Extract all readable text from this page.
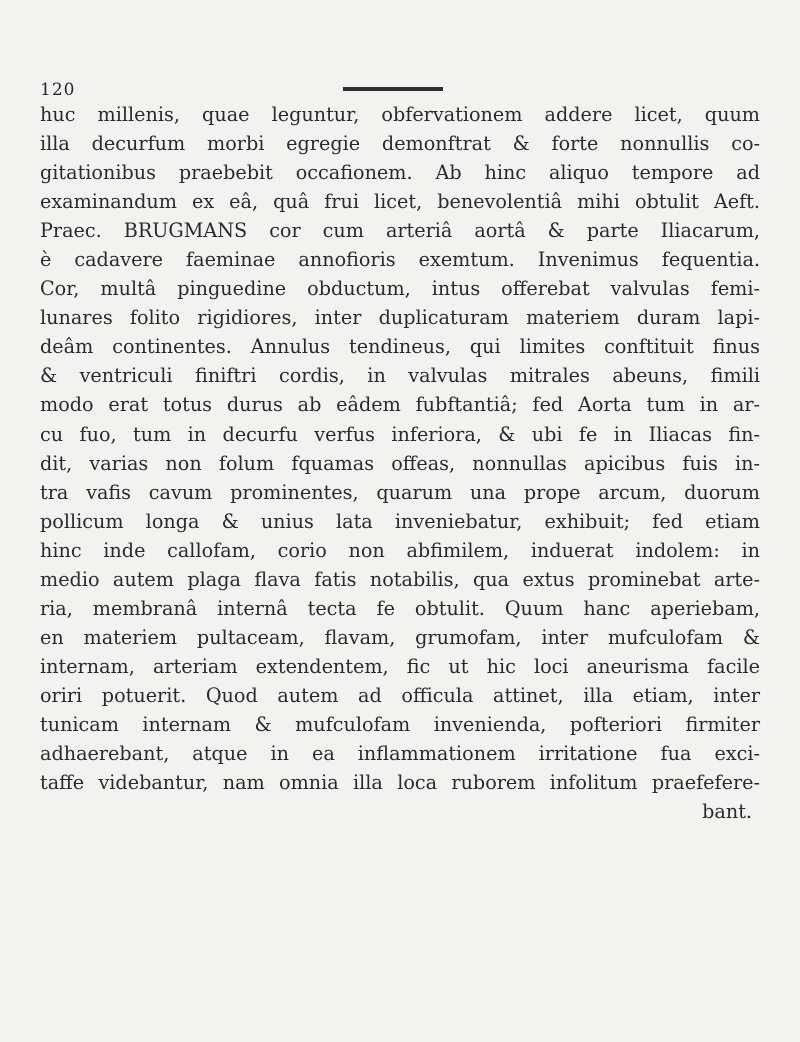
120
huc millenis, quae leguntur, obfervationem addere licet, quum
illa decurfum morbi egregie demonftrat & forte nonnullis co-
gitationibus praebebit occafionem. Ab hinc aliquo tempore ad
examinandum ex eâ, quâ frui licet, benevolentiâ mihi obtulit Aeft.
Praec. BRUGMANS cor cum arteriâ aortâ & parte Iliacarum,
è cadavere faeminae annofioris exemtum. Invenimus fequentia.
Cor, multâ pinguedine obductum, intus offerebat valvulas femi-
lunares folito rigidiores, inter duplicaturam materiem duram lapi-
deâm continentes. Annulus tendineus, qui limites conftituit finus
& ventriculi finiftri cordis, in valvulas mitrales abeuns, fimili
modo erat totus durus ab eâdem fubftantiâ; fed Aorta tum in ar-
cu fuo, tum in decurfu verfus inferiora, & ubi fe in Iliacas fin-
dit, varias non folum fquamas offeas, nonnullas apicibus fuis in-
tra vafis cavum prominentes, quarum una prope arcum, duorum
pollicum longa & unius lata inveniebatur, exhibuit; fed etiam
hinc inde callofam, corio non abfimilem, induerat indolem: in
medio autem plaga flava fatis notabilis, qua extus prominebat arte-
ria, membranâ internâ tecta fe obtulit. Quum hanc aperiebam,
en materiem pultaceam, flavam, grumofam, inter mufculofam &
internam, arteriam extendentem, fic ut hic loci aneurisma facile
oriri potuerit. Quod autem ad officula attinet, illa etiam, inter
tunicam internam & mufculofam invenienda, pofteriori firmiter
adhaerebant, atque in ea inflammationem irritatione fua exci-
taffe videbantur, nam omnia illa loca ruborem infolitum praefefere-
bant.
